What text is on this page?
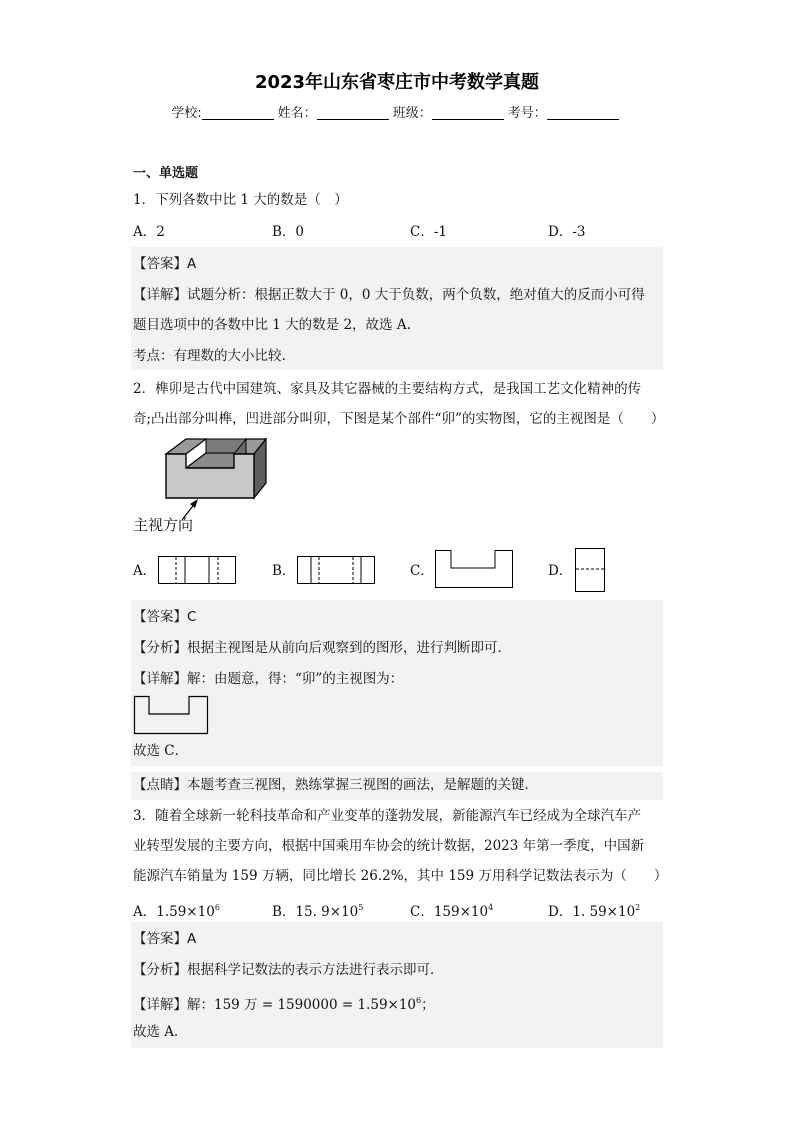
2023年山东省枣庄市中考数学真题
学校:	姓名：	班级：	考号：
一、单选题
1．下列各数中比 1 大的数是（　）
A．2	B．0	C．-1	D．-3
【答案】A
【详解】试题分析：根据正数大于 0，0 大于负数，两个负数，绝对值大的反而小可得
题目选项中的各数中比 1 大的数是 2，故选 A.
考点：有理数的大小比较.
2．榫卯是古代中国建筑、家具及其它器械的主要结构方式，是我国工艺文化精神的传
奇;凸出部分叫榫，凹进部分叫卯，下图是某个部件“卯”的实物图，它的主视图是（　　）
主视方向
A．	B．	C．	D．
【答案】C
【分析】根据主视图是从前向后观察到的图形，进行判断即可．
【详解】解：由题意，得：“卯”的主视图为：
故选 C．
【点睛】本题考查三视图，熟练掌握三视图的画法，是解题的关键．
3．随着全球新一轮科技革命和产业变革的蓬勃发展，新能源汽车已经成为全球汽车产
业转型发展的主要方向，根据中国乘用车协会的统计数据，2023 年第一季度，中国新
能源汽车销量为 159 万辆，同比增长 26.2%，其中 159 万用科学记数法表示为（　　）
A．$1.59\times 10^6$	B．15. $9\times 10^5$	C．$159\times 10^4$	D．1. $59\times 10^2$
【答案】A
【分析】根据科学记数法的表示方法进行表示即可．
【详解】解：159 万 = $1590000 = 1.59\times 10^6$；
故选 A．
